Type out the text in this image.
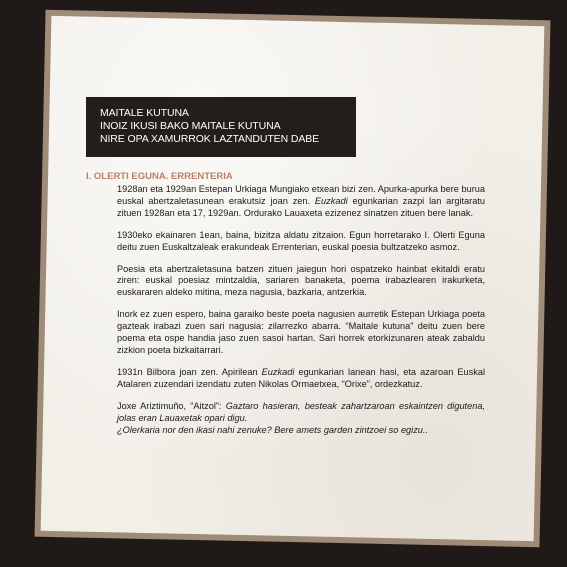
MAITALE KUTUNA
INOIZ IKUSI BAKO MAITALE KUTUNA
NIRE OPA XAMURROK LAZTANDUTEN DABE
I. OLERTI EGUNA. ERRENTERIA

1928an eta 1929an Estepan Urkiaga Mungiako etxean bizi zen. Apurka-apurka bere burua euskal abertzaletasunean erakutsiz joan zen. Euzkadi egunkarian zazpi lan argitaratu zituen 1928an eta 17, 1929an. Ordurako Lauaxeta ezizenez sinatzen zituen bere lanak.

1930eko ekainaren 1ean, baina, bizitza aldatu zitzaion. Egun horretarako I. Olerti Eguna deitu zuen Euskaltzaleak erakundeak Errenterian, euskal poesia bultzatzeko asmoz.

Poesia eta abertzaletasuna batzen zituen jaiegun hori ospatzeko hainbat ekitaldi eratu ziren: euskal poesiaz mintzaldia, sariaren banaketa, poema irabazlearen irakurketa, euskararen aldeko mitina, meza nagusia, bazkaria, antzerkia.

Inork ez zuen espero, baina garaiko beste poeta nagusien aurretik Estepan Urkiaga poeta gazteak irabazi zuen sari nagusia: zilarrezko abarra. “Maitale kutuna” deitu zuen bere poema eta ospe handia jaso zuen sasoi hartan. Sari horrek etorkizunaren ateak zabaldu zizkion poeta bizkaitarrari.

1931n Bilbora joan zen. Apirilean Euzkadi egunkarian lanean hasi, eta azaroan Euskal Atalaren zuzendari izendatu zuten Nikolas Ormaetxea, “Orixe”, ordezkatuz.

Joxe Ariztimuño, “Aitzol”: Gaztaro hasieran, besteak zahartzaroan eskaintzen digutena, jolas eran Lauaxetak opari digu.

¿Olerkaria nor den ikasi nahi zenuke? Bere amets garden zintzoei so egizu..
